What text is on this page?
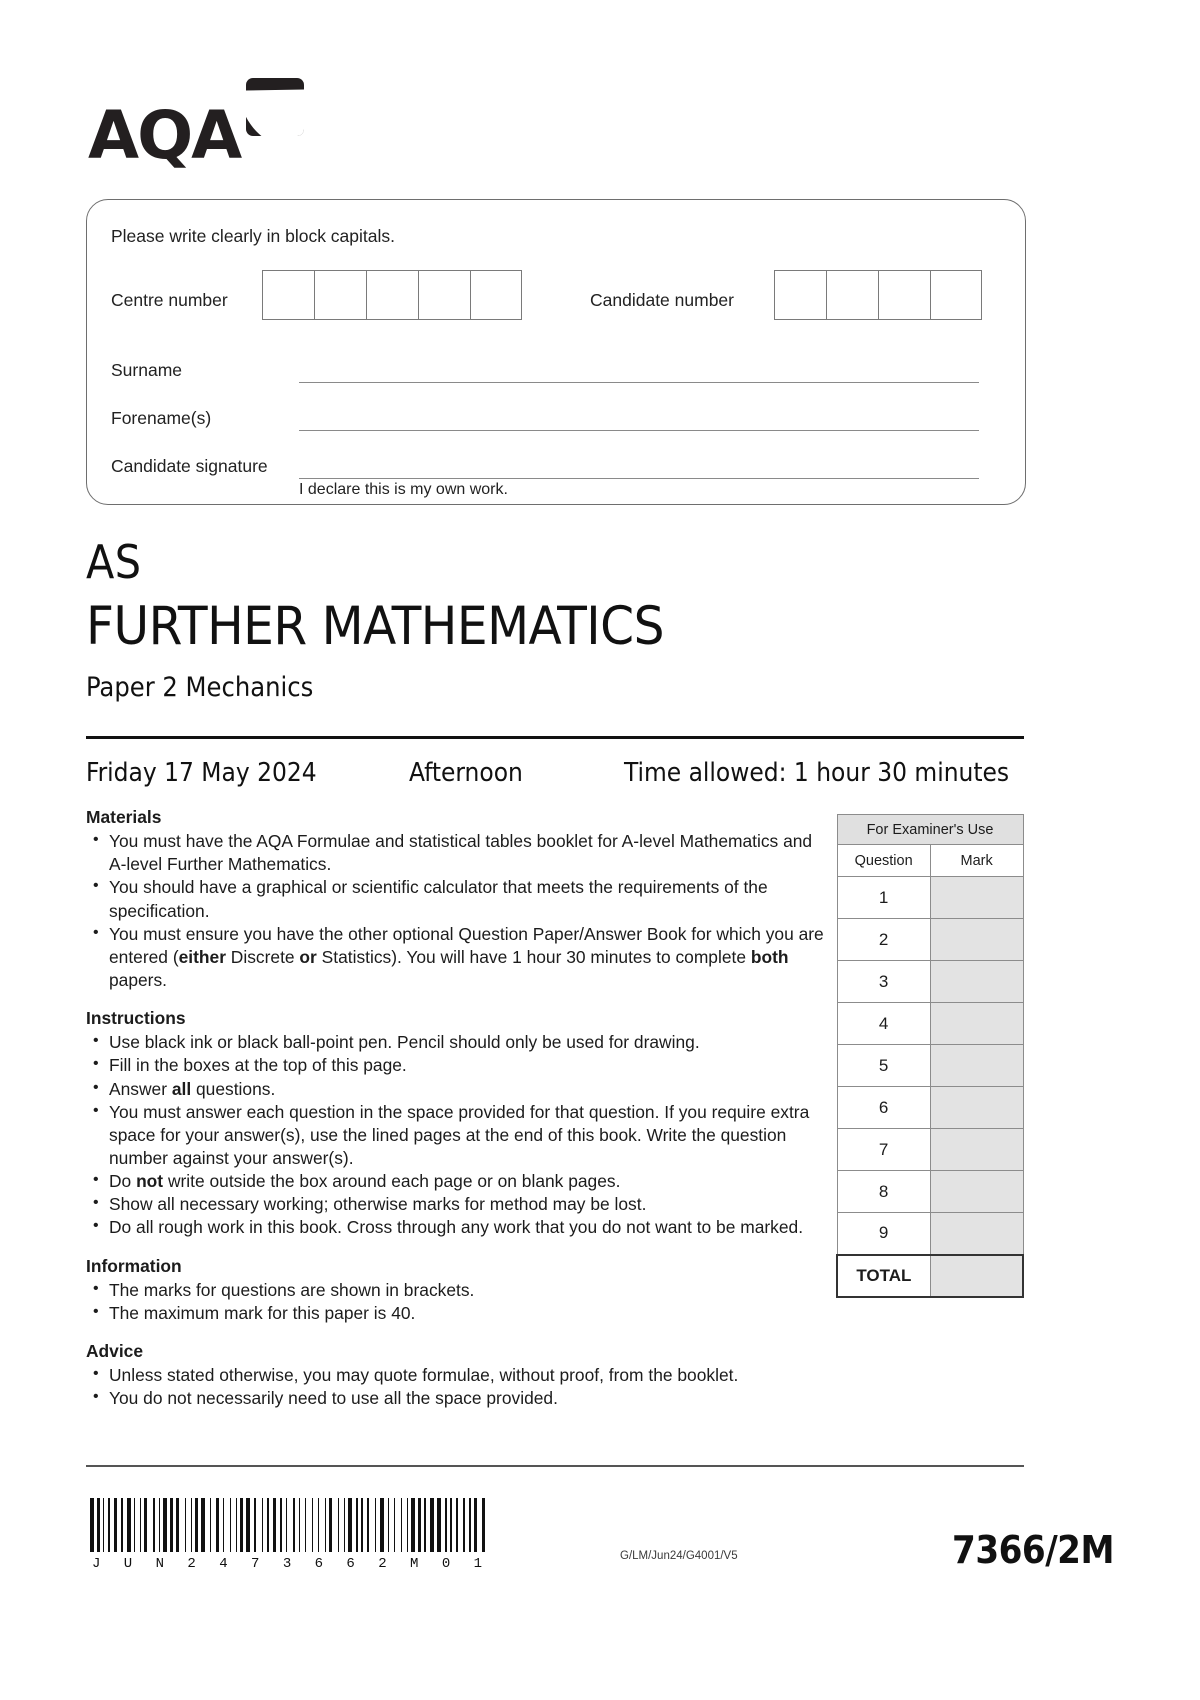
AQA
Please write clearly in block capitals.
Centre number	Candidate number
Surname
Forename(s)
Candidate signature
I declare this is my own work.
AS
FURTHER MATHEMATICS
Paper 2 Mechanics
Friday 17 May 2024	Afternoon	Time allowed: 1 hour 30 minutes
Materials
• You must have the AQA Formulae and statistical tables booklet for A-level Mathematics and A-level Further Mathematics.
• You should have a graphical or scientific calculator that meets the requirements of the specification.
• You must ensure you have the other optional Question Paper/Answer Book for which you are entered (either Discrete or Statistics). You will have 1 hour 30 minutes to complete both papers.
Instructions
• Use black ink or black ball-point pen. Pencil should only be used for drawing.
• Fill in the boxes at the top of this page.
• Answer all questions.
• You must answer each question in the space provided for that question. If you require extra space for your answer(s), use the lined pages at the end of this book. Write the question number against your answer(s).
• Do not write outside the box around each page or on blank pages.
• Show all necessary working; otherwise marks for method may be lost.
• Do all rough work in this book. Cross through any work that you do not want to be marked.
Information
• The marks for questions are shown in brackets.
• The maximum mark for this paper is 40.
Advice
• Unless stated otherwise, you may quote formulae, without proof, from the booklet.
• You do not necessarily need to use all the space provided.
For Examiner's Use	
Question	Mark
1	
2	
3	
4	
5	
6	
7	
8	
9	
TOTAL	
J U N 2 4 7 3 6 6 2 M 0 1	G/LM/Jun24/G4001/V5	7366/2M
